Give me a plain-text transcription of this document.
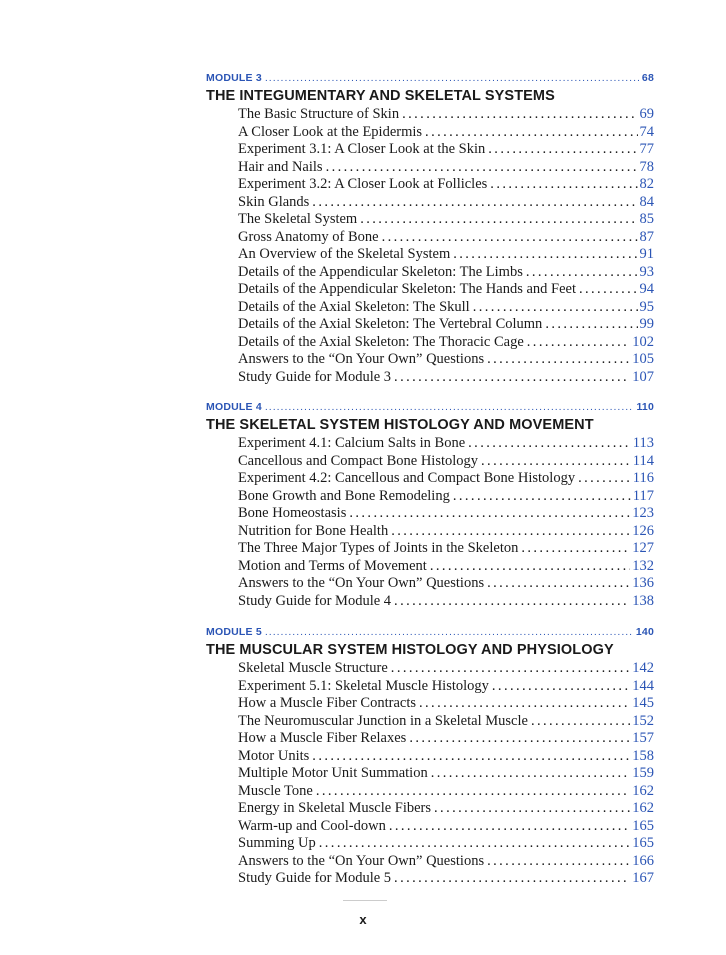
MODULE 3 .....	68
THE INTEGUMENTARY AND SKELETAL SYSTEMS
The Basic Structure of Skin .....	69
A Closer Look at the Epidermis .....	74
Experiment 3.1: A Closer Look at the Skin .....	77
Hair and Nails .....	78
Experiment 3.2: A Closer Look at Follicles .....	82
Skin Glands .....	84
The Skeletal System .....	85
Gross Anatomy of Bone .....	87
An Overview of the Skeletal System .....	91
Details of the Appendicular Skeleton: The Limbs .....	93
Details of the Appendicular Skeleton: The Hands and Feet .....	94
Details of the Axial Skeleton: The Skull .....	95
Details of the Axial Skeleton: The Vertebral Column .....	99
Details of the Axial Skeleton: The Thoracic Cage .....	102
Answers to the “On Your Own” Questions .....	105
Study Guide for Module 3 .....	107
MODULE 4 .....	110
THE SKELETAL SYSTEM HISTOLOGY AND MOVEMENT
Experiment 4.1: Calcium Salts in Bone .....	113
Cancellous and Compact Bone Histology .....	114
Experiment 4.2: Cancellous and Compact Bone Histology .....	116
Bone Growth and Bone Remodeling .....	117
Bone Homeostasis .....	123
Nutrition for Bone Health .....	126
The Three Major Types of Joints in the Skeleton .....	127
Motion and Terms of Movement .....	132
Answers to the “On Your Own” Questions .....	136
Study Guide for Module 4 .....	138
MODULE 5 .....	140
THE MUSCULAR SYSTEM HISTOLOGY AND PHYSIOLOGY
Skeletal Muscle Structure .....	142
Experiment 5.1: Skeletal Muscle Histology .....	144
How a Muscle Fiber Contracts .....	145
The Neuromuscular Junction in a Skeletal Muscle .....	152
How a Muscle Fiber Relaxes .....	157
Motor Units .....	158
Multiple Motor Unit Summation .....	159
Muscle Tone .....	162
Energy in Skeletal Muscle Fibers .....	162
Warm-up and Cool-down .....	165
Summing Up .....	165
Answers to the “On Your Own” Questions .....	166
Study Guide for Module 5 .....	167
x
